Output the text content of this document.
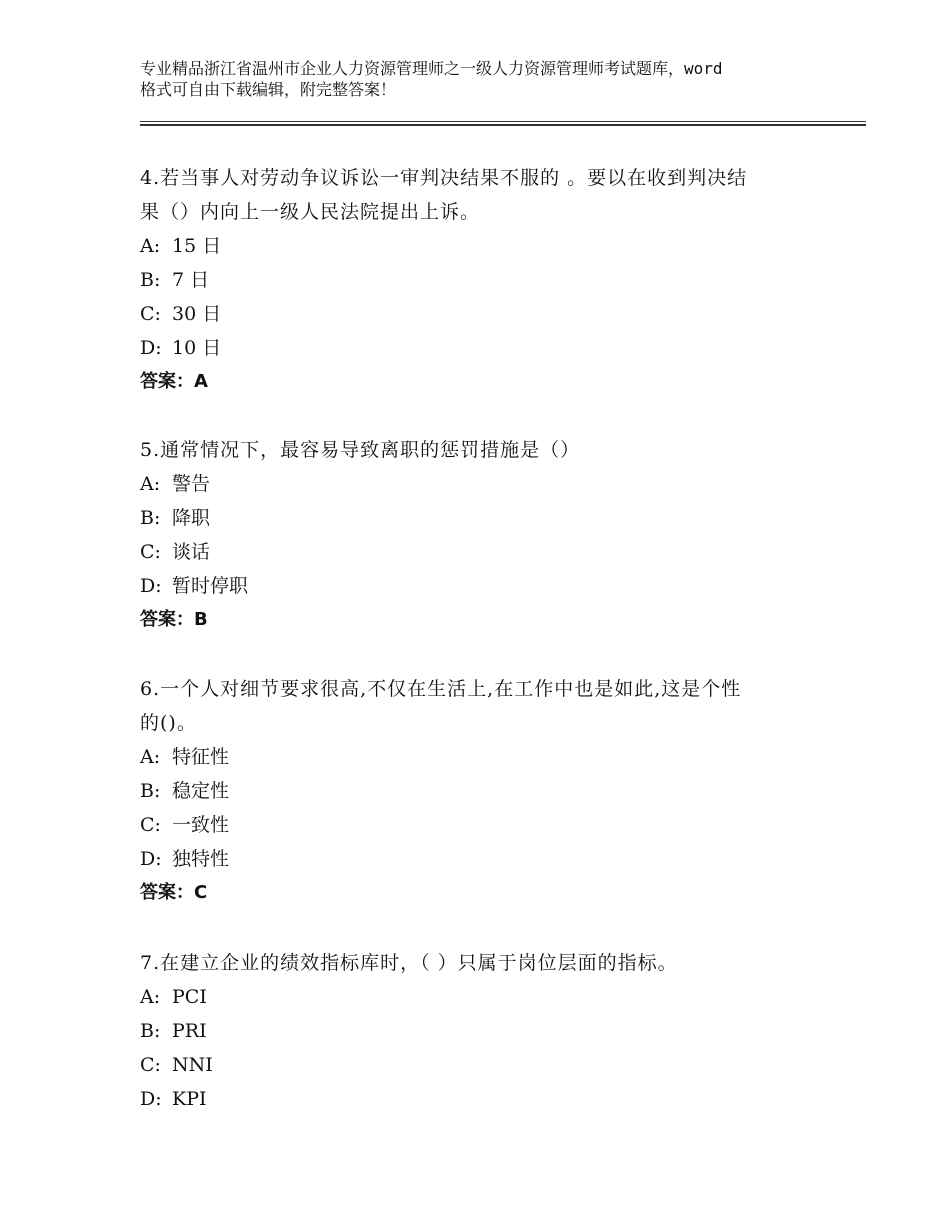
专业精品浙江省温州市企业人力资源管理师之一级人力资源管理师考试题库，word
格式可自由下载编辑，附完整答案！
4.若当事人对劳动争议诉讼一审判决结果不服的 。要以在收到判决结
果（）内向上一级人民法院提出上诉。
A: 15 日
B: 7 日
C: 30 日
D: 10 日
答案：A
5.通常情况下，最容易导致离职的惩罚措施是（）
A: 警告
B: 降职
C: 谈话
D: 暂时停职
答案：B
6.一个人对细节要求很高,不仅在生活上,在工作中也是如此,这是个性
的()。
A: 特征性
B: 稳定性
C: 一致性
D: 独特性
答案：C
7.在建立企业的绩效指标库时，（ ）只属于岗位层面的指标。
A: PCI
B: PRI
C: NNI
D: KPI
